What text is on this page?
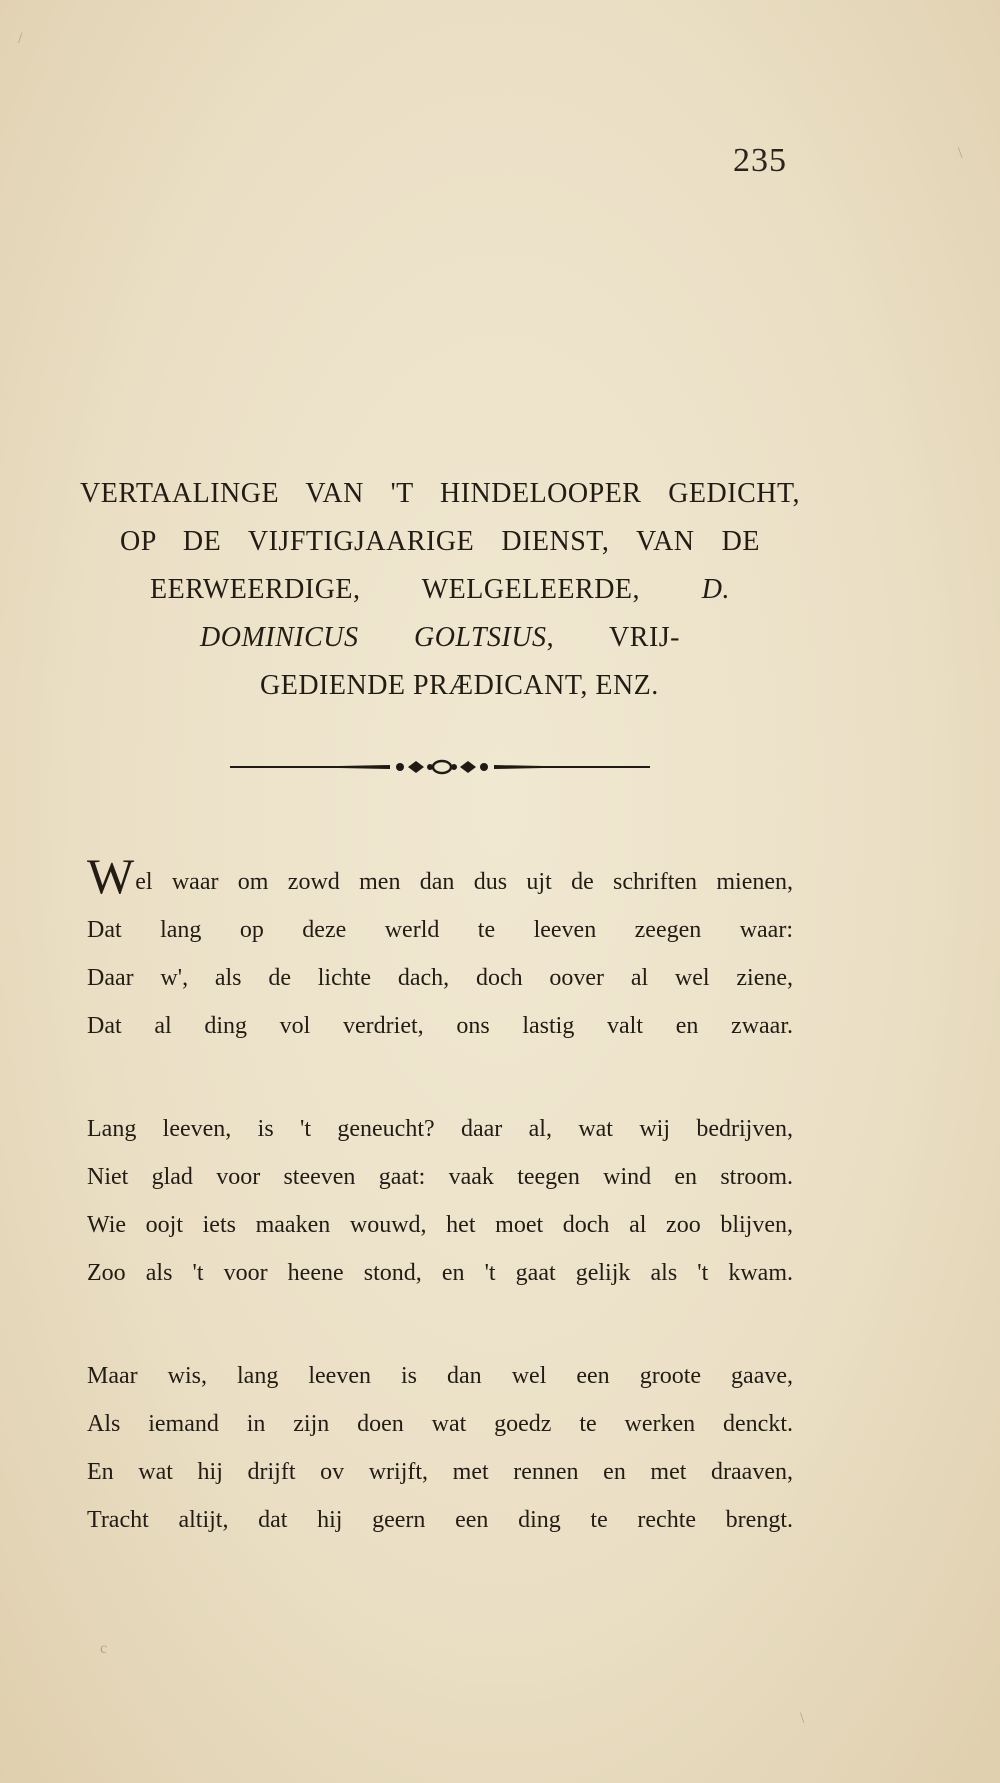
235
VERTAALINGE VAN 'T HINDELOOPER GEDICHT,
OP DE VIJFTIGJAARIGE DIENST, VAN DE
EERWEERDIGE, WELGELEERDE, D.
DOMINICUS GOLTSIUS, VRIJ-
GEDIENDE PRÆDICANT, ENZ.
Wel waar om zowd men dan dus ujt de schriften mienen,
Dat lang op deze werld te leeven zeegen waar:
Daar w', als de lichte dach, doch oover al wel ziene,
Dat al ding vol verdriet, ons lastig valt en zwaar.
Lang leeven, is 't geneucht? daar al, wat wij bedrijven,
Niet glad voor steeven gaat: vaak teegen wind en stroom.
Wie oojt iets maaken wouwd, het moet doch al zoo blijven,
Zoo als 't voor heene stond, en 't gaat gelijk als 't kwam.
Maar wis, lang leeven is dan wel een groote gaave,
Als iemand in zijn doen wat goedz te werken denckt.
En wat hij drijft ov wrijft, met rennen en met draaven,
Tracht altijt, dat hij geern een ding te rechte brengt.
/
\
c
\
